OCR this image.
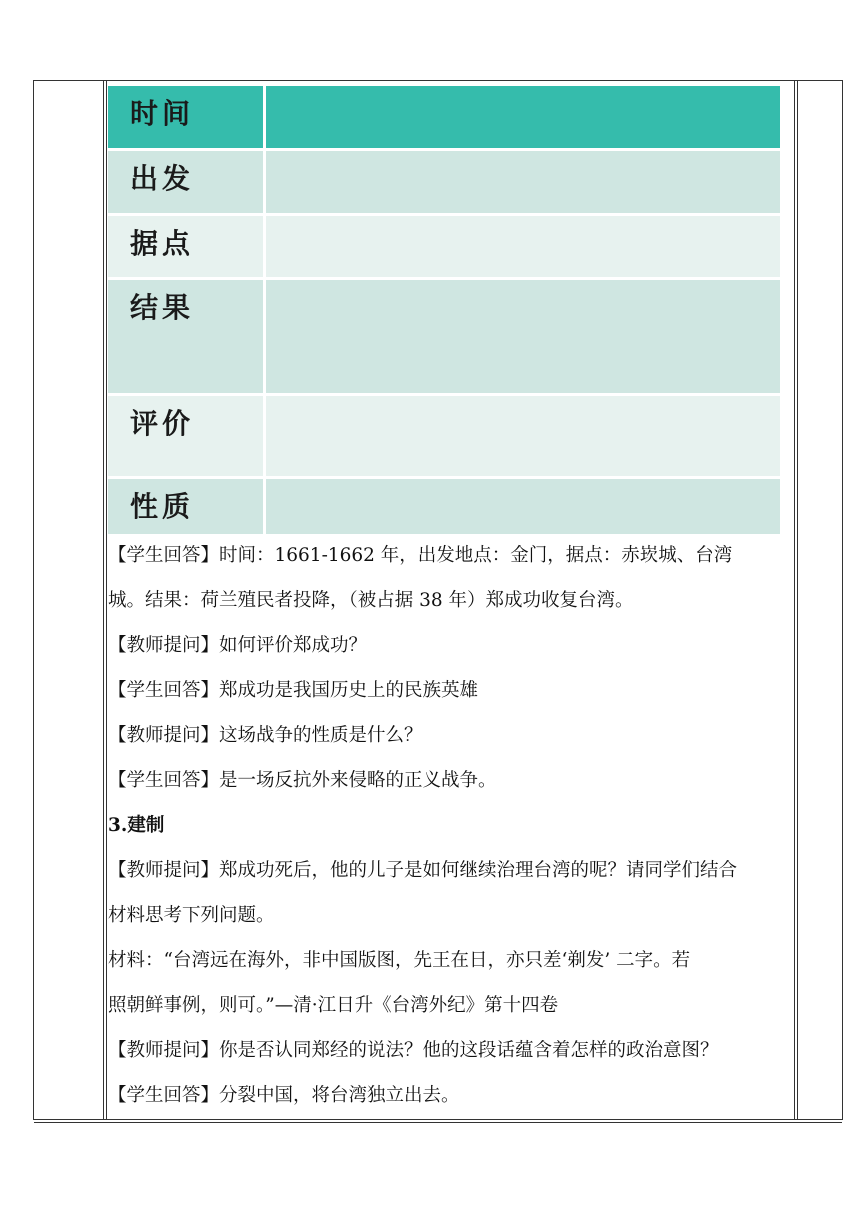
时间
出发
据点
结果
评价
性质
【学生回答】时间：1661-1662 年，出发地点：金门，据点：赤崁城、台湾
城。结果：荷兰殖民者投降，（被占据 38 年）郑成功收复台湾。
【教师提问】如何评价郑成功？
【学生回答】郑成功是我国历史上的民族英雄
【教师提问】这场战争的性质是什么？
【学生回答】是一场反抗外来侵略的正义战争。
3.建制
【教师提问】郑成功死后，他的儿子是如何继续治理台湾的呢？请同学们结合
材料思考下列问题。
材料：“台湾远在海外，非中国版图，先王在日，亦只差‘剃发’ 二字。若
照朝鲜事例，则可。”—清·江日升《台湾外纪》第十四卷
【教师提问】你是否认同郑经的说法？他的这段话蕴含着怎样的政治意图？
【学生回答】分裂中国，将台湾独立出去。
